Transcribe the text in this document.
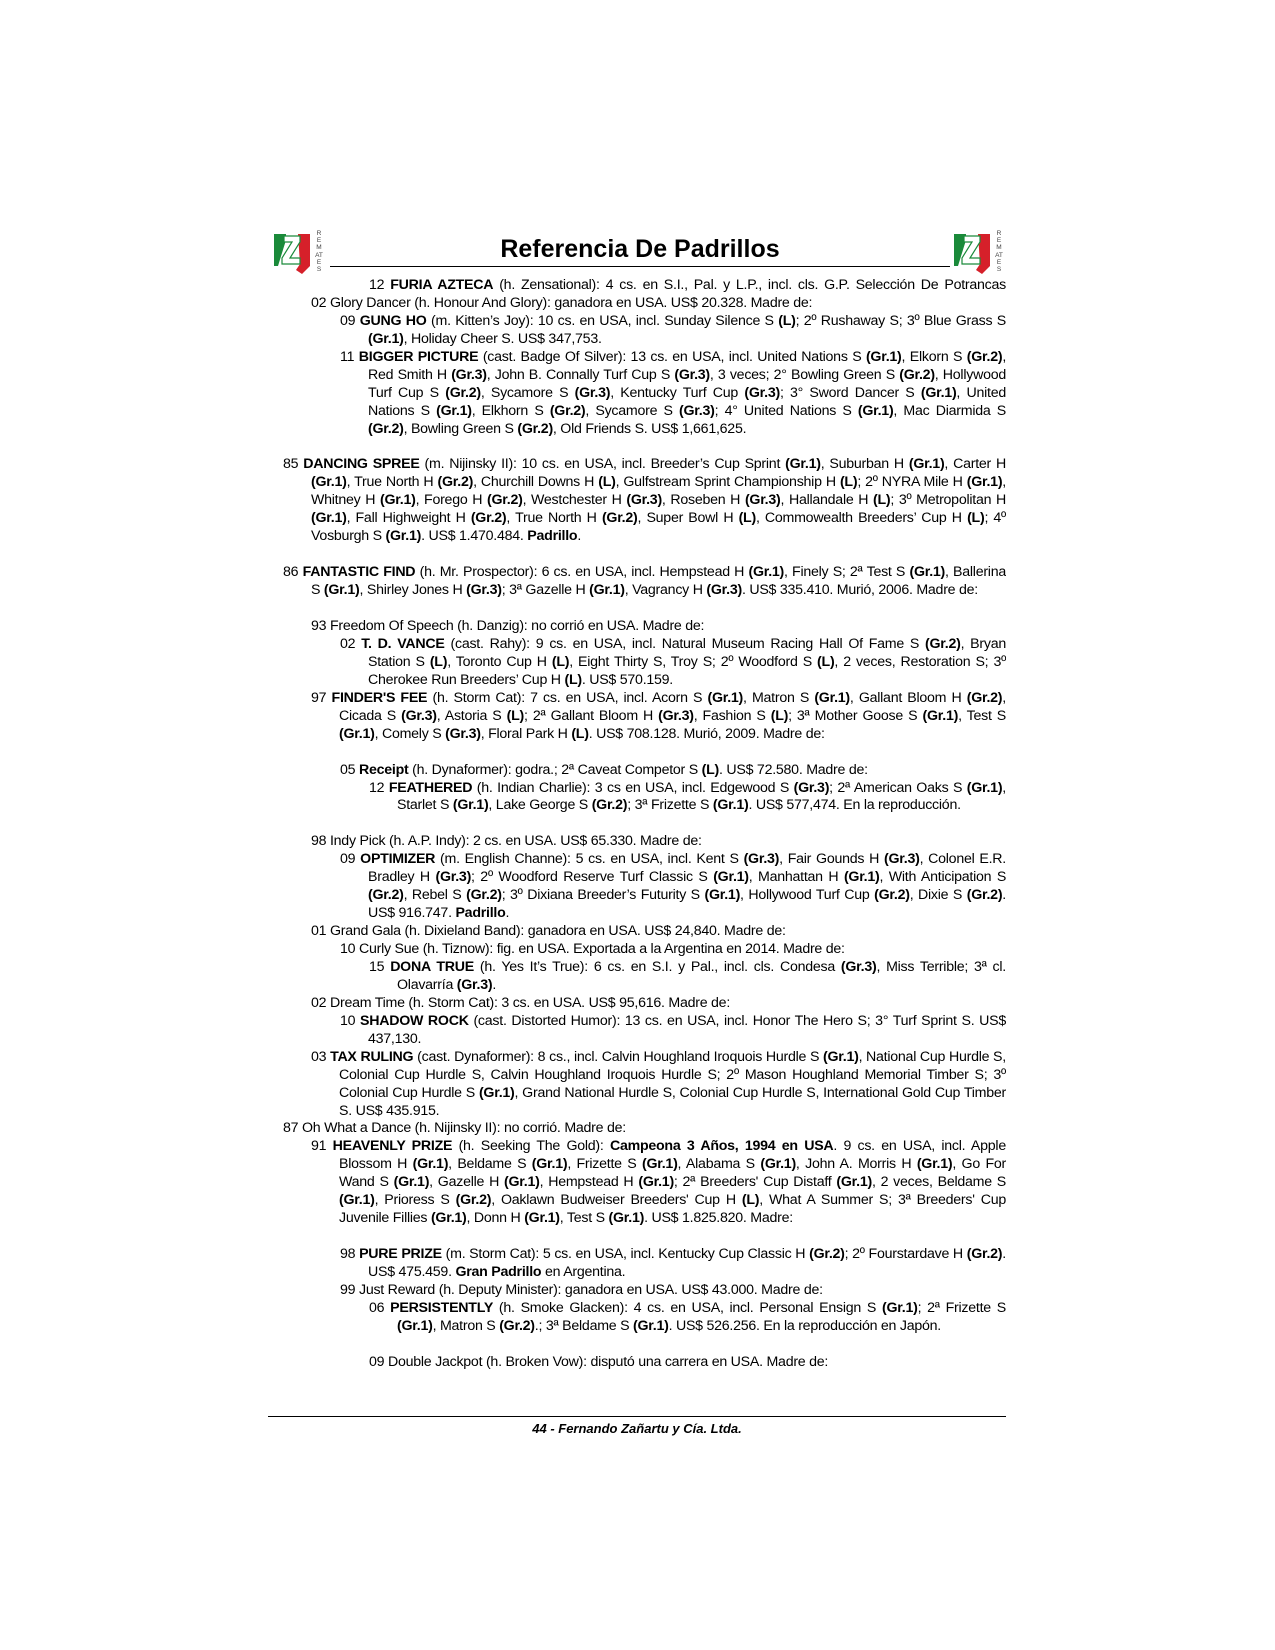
REMATES
REMATES
Referencia De Padrillos

12 FURIA AZTECA (h. Zensational): 4 cs. en S.I., Pal. y L.P., incl. cls. G.P. Selección De Potrancas

02 Glory Dancer (h. Honour And Glory): ganadora en USA. US$ 20.328. Madre de:

09 GUNG HO (m. Kitten’s Joy): 10 cs. en USA, incl. Sunday Silence S (L); 2º Rushaway S; 3º Blue Grass S (Gr.1), Holiday Cheer S. US$ 347,753.

11 BIGGER PICTURE (cast. Badge Of Silver): 13 cs. en USA, incl. United Nations S (Gr.1), Elkorn S (Gr.2), Red Smith H (Gr.3), John B. Connally Turf Cup S (Gr.3), 3 veces; 2° Bowling Green S (Gr.2), Hollywood Turf Cup S (Gr.2), Sycamore S (Gr.3), Kentucky Turf Cup (Gr.3); 3° Sword Dancer S (Gr.1), United Nations S (Gr.1), Elkhorn S (Gr.2), Sycamore S (Gr.3); 4° United Nations S (Gr.1), Mac Diarmida S (Gr.2), Bowling Green S (Gr.2), Old Friends S. US$ 1,661,625.

85 DANCING SPREE (m. Nijinsky II): 10 cs. en USA, incl. Breeder’s Cup Sprint (Gr.1), Suburban H (Gr.1), Carter H (Gr.1), True North H (Gr.2), Churchill Downs H (L), Gulfstream Sprint Championship H (L); 2º NYRA Mile H (Gr.1), Whitney H (Gr.1), Forego H (Gr.2), Westchester H (Gr.3), Roseben H (Gr.3), Hallandale H (L); 3º Metropolitan H (Gr.1), Fall Highweight H (Gr.2), True North H (Gr.2), Super Bowl H (L), Commowealth Breeders’ Cup H (L); 4º Vosburgh S (Gr.1). US$ 1.470.484. Padrillo.

86 FANTASTIC FIND (h. Mr. Prospector): 6 cs. en USA, incl. Hempstead H (Gr.1), Finely S; 2ª Test S (Gr.1), Ballerina S (Gr.1), Shirley Jones H (Gr.3); 3ª Gazelle H (Gr.1), Vagrancy H (Gr.3). US$ 335.410. Murió, 2006. Madre de:

93 Freedom Of Speech (h. Danzig): no corrió en USA. Madre de:

02 T. D. VANCE (cast. Rahy): 9 cs. en USA, incl. Natural Museum Racing Hall Of Fame S (Gr.2), Bryan Station S (L), Toronto Cup H (L), Eight Thirty S, Troy S; 2º Woodford S (L), 2 veces, Restoration S; 3º Cherokee Run Breeders’ Cup H (L). US$ 570.159.

97 FINDER'S FEE (h. Storm Cat): 7 cs. en USA, incl. Acorn S (Gr.1), Matron S (Gr.1), Gallant Bloom H (Gr.2), Cicada S (Gr.3), Astoria S (L); 2ª Gallant Bloom H (Gr.3), Fashion S (L); 3ª Mother Goose S (Gr.1), Test S (Gr.1), Comely S (Gr.3), Floral Park H (L). US$ 708.128. Murió, 2009. Madre de:

05 Receipt (h. Dynaformer): godra.; 2ª Caveat Competor S (L). US$ 72.580. Madre de:

12 FEATHERED (h. Indian Charlie): 3 cs en USA, incl. Edgewood S (Gr.3); 2ª American Oaks S (Gr.1), Starlet S (Gr.1), Lake George S (Gr.2); 3ª Frizette S (Gr.1). US$ 577,474. En la reproducción.

98 Indy Pick (h. A.P. Indy): 2 cs. en USA. US$ 65.330. Madre de:

09 OPTIMIZER (m. English Channe): 5 cs. en USA, incl. Kent S (Gr.3), Fair Gounds H (Gr.3), Colonel E.R. Bradley H (Gr.3); 2º Woodford Reserve Turf Classic S (Gr.1), Manhattan H (Gr.1), With Anticipation S (Gr.2), Rebel S (Gr.2); 3º Dixiana Breeder’s Futurity S (Gr.1), Hollywood Turf Cup (Gr.2), Dixie S (Gr.2). US$ 916.747. Padrillo.

01 Grand Gala (h. Dixieland Band): ganadora en USA. US$ 24,840. Madre de:

10 Curly Sue (h. Tiznow): fig. en USA. Exportada a la Argentina en 2014. Madre de:

15 DONA TRUE (h. Yes It’s True): 6 cs. en S.I. y Pal., incl. cls. Condesa (Gr.3), Miss Terrible; 3ª cl. Olavarría (Gr.3).

02 Dream Time (h. Storm Cat): 3 cs. en USA. US$ 95,616. Madre de:

10 SHADOW ROCK (cast. Distorted Humor): 13 cs. en USA, incl. Honor The Hero S; 3° Turf Sprint S. US$ 437,130.

03 TAX RULING (cast. Dynaformer): 8 cs., incl. Calvin Houghland Iroquois Hurdle S (Gr.1), National Cup Hurdle S, Colonial Cup Hurdle S, Calvin Houghland Iroquois Hurdle S; 2º Mason Houghland Memorial Timber S; 3º Colonial Cup Hurdle S (Gr.1), Grand National Hurdle S, Colonial Cup Hurdle S, International Gold Cup Timber S. US$ 435.915.

87 Oh What a Dance (h. Nijinsky II): no corrió. Madre de:

91 HEAVENLY PRIZE (h. Seeking The Gold): Campeona 3 Años, 1994 en USA. 9 cs. en USA, incl. Apple Blossom H (Gr.1), Beldame S (Gr.1), Frizette S (Gr.1), Alabama S (Gr.1), John A. Morris H (Gr.1), Go For Wand S (Gr.1), Gazelle H (Gr.1), Hempstead H (Gr.1); 2ª Breeders' Cup Distaff (Gr.1), 2 veces, Beldame S (Gr.1), Prioress S (Gr.2), Oaklawn Budweiser Breeders' Cup H (L), What A Summer S; 3ª Breeders' Cup Juvenile Fillies (Gr.1), Donn H (Gr.1), Test S (Gr.1). US$ 1.825.820. Madre:

98 PURE PRIZE (m. Storm Cat): 5 cs. en USA, incl. Kentucky Cup Classic H (Gr.2); 2º Fourstardave H (Gr.2). US$ 475.459. Gran Padrillo en Argentina.

99 Just Reward (h. Deputy Minister): ganadora en USA. US$ 43.000. Madre de:

06 PERSISTENTLY (h. Smoke Glacken): 4 cs. en USA, incl. Personal Ensign S (Gr.1); 2ª Frizette S (Gr.1), Matron S (Gr.2).; 3ª Beldame S (Gr.1). US$ 526.256. En la reproducción en Japón.

09 Double Jackpot (h. Broken Vow): disputó una carrera en USA. Madre de:

44 - Fernando Zañartu y Cía. Ltda.
